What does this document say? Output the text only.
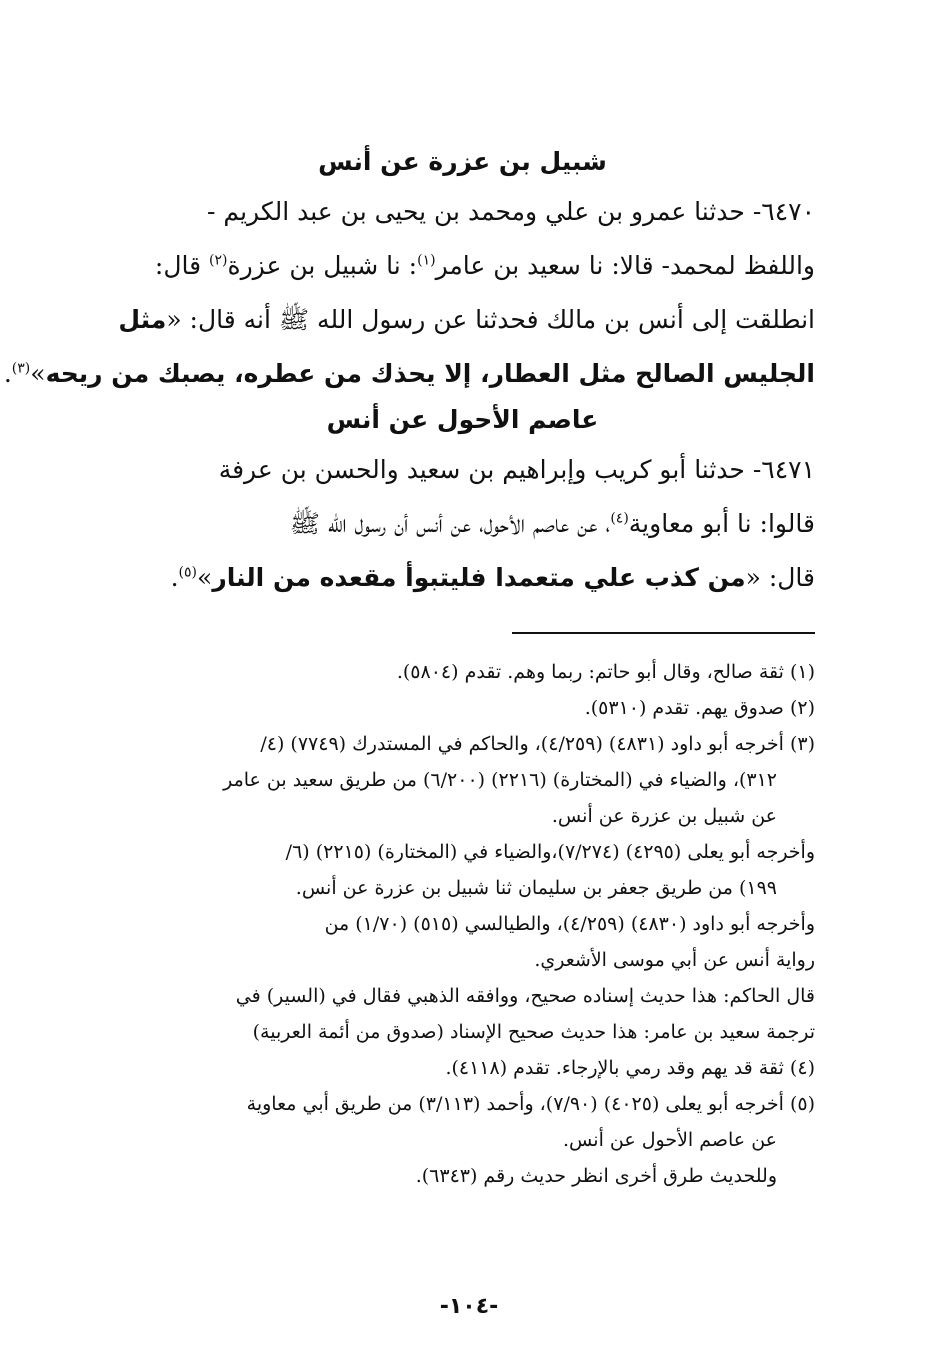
شبيل بن عزرة عن أنس
٦٤٧٠- حدثنا عمرو بن علي ومحمد بن يحيى بن عبد الكريم -
واللفظ لمحمد- قالا: نا سعيد بن عامر$^{(١)}$: نا شبيل بن عزرة$^{(٢)}$ قال:
انطلقت إلى أنس بن مالك فحدثنا عن رسول الله ﷺ أنه قال: «مثل
الجليس الصالح مثل العطار، إلا يحذك من عطره، يصبك من ريحه»$^{(٣)}$.
عاصم الأحول عن أنس
٦٤٧١- حدثنا أبو كريب وإبراهيم بن سعيد والحسن بن عرفة
قالوا: نا أبو معاوية$^{(٤)}$، عن عاصم الأحول، عن أنس أن رسول الله ﷺ
قال: «من كذب علي متعمدا فليتبوأ مقعده من النار»$^{(٥)}$.
(١) ثقة صالح، وقال أبو حاتم: ربما وهم. تقدم (٥٨٠٤).
(٢) صدوق يهم. تقدم (٥٣١٠).
(٣) أخرجه أبو داود (٤٨٣١) (٤/٢٥٩)، والحاكم في المستدرك (٧٧٤٩) (٤/
٣١٢)، والضياء في (المختارة) (٢٢١٦) (٦/٢٠٠) من طريق سعيد بن عامر
عن شبيل بن عزرة عن أنس.
وأخرجه أبو يعلى (٤٢٩٥) (٧/٢٧٤)،والضياء في (المختارة) (٢٢١٥) (٦/
١٩٩) من طريق جعفر بن سليمان ثنا شبيل بن عزرة عن أنس.
وأخرجه أبو داود (٤٨٣٠) (٤/٢٥٩)، والطيالسي (٥١٥) (١/٧٠) من
رواية أنس عن أبي موسى الأشعري.
قال الحاكم: هذا حديث إسناده صحيح، ووافقه الذهبي فقال في (السير) في
ترجمة سعيد بن عامر: هذا حديث صحيح الإسناد (صدوق من أئمة العربية)
(٤) ثقة قد يهم وقد رمي بالإرجاء. تقدم (٤١١٨).
(٥) أخرجه أبو يعلى (٤٠٢٥) (٧/٩٠)، وأحمد (٣/١١٣) من طريق أبي معاوية
عن عاصم الأحول عن أنس.
وللحديث طرق أخرى انظر حديث رقم (٦٣٤٣).
-١٠٤-
